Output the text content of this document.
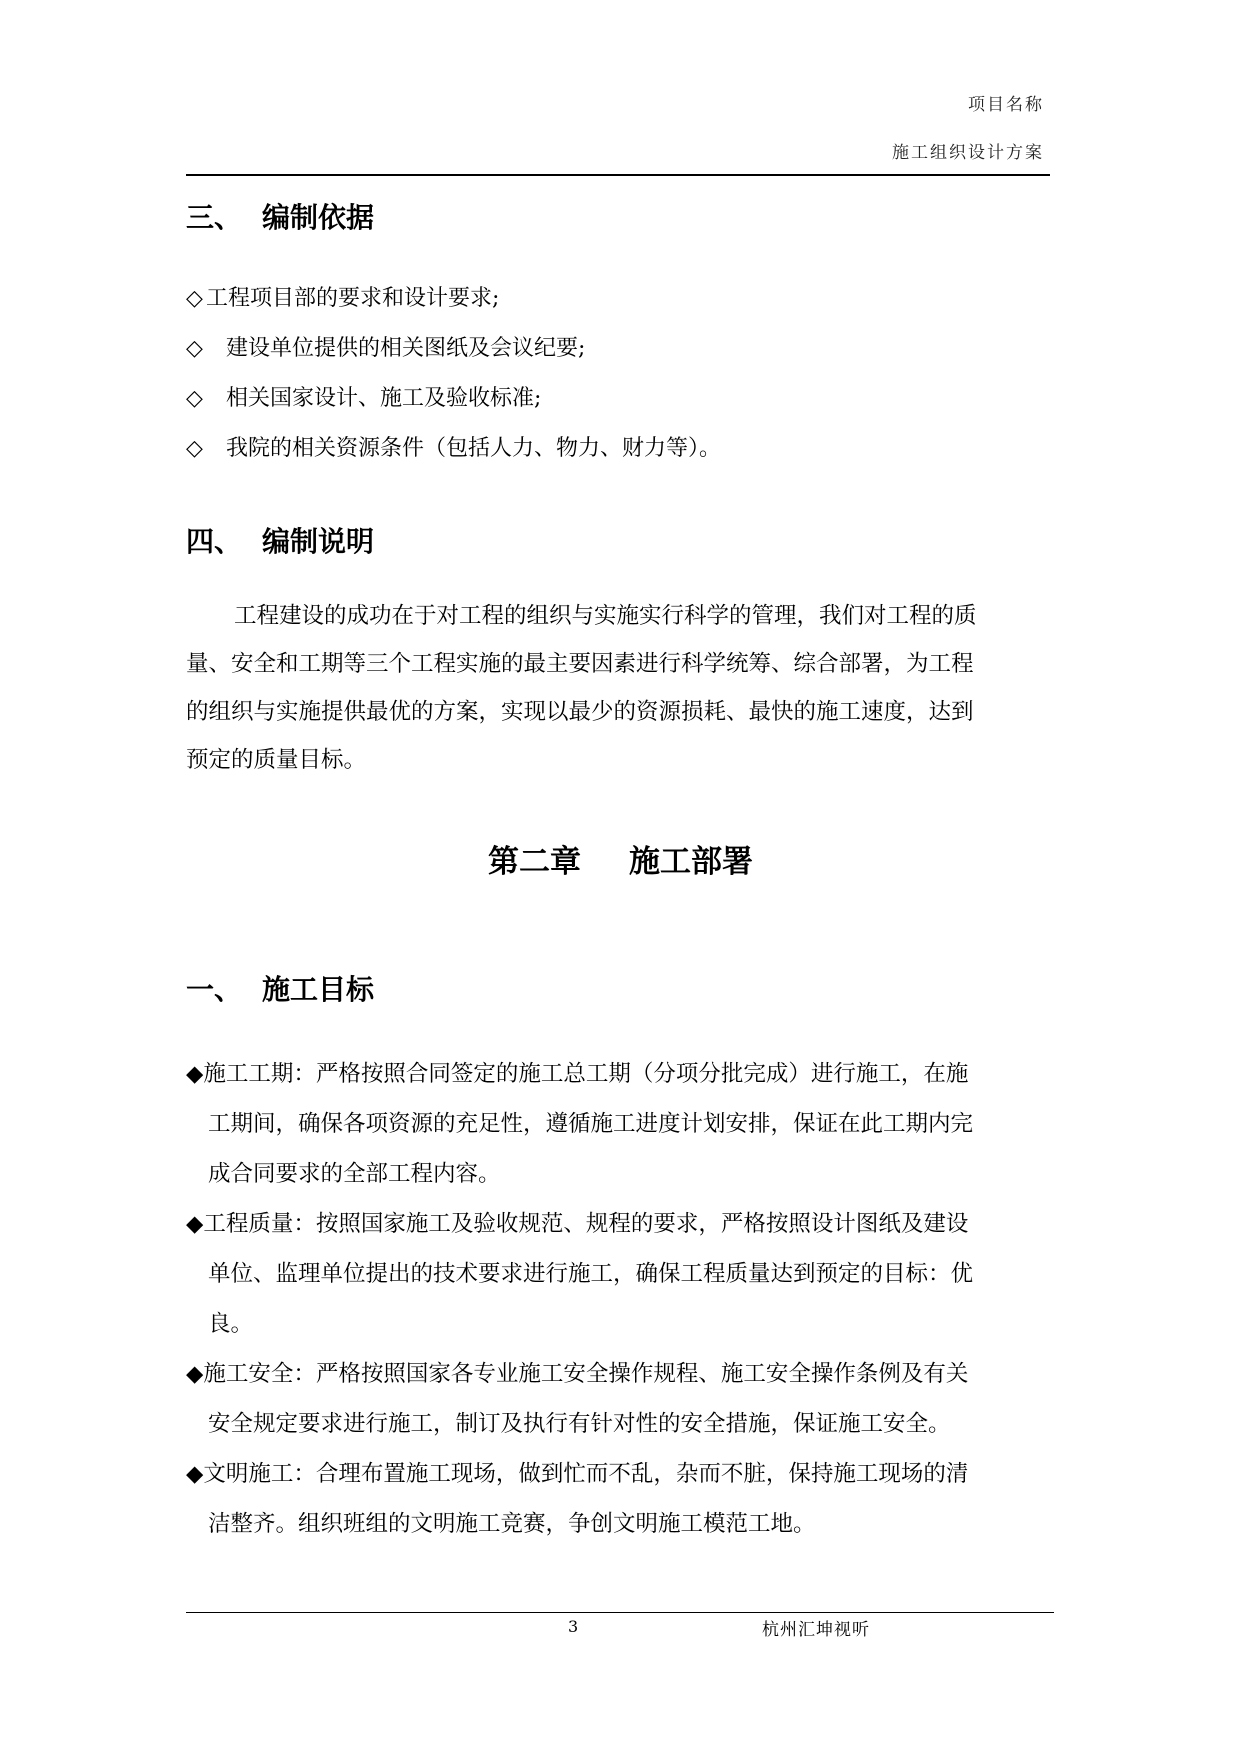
项目名称
施工组织设计方案
三、 编制依据
◇ 工程项目部的要求和设计要求;
◇ 建设单位提供的相关图纸及会议纪要;
◇ 相关国家设计、施工及验收标准;
◇ 我院的相关资源条件（包括人力、物力、财力等）。
四、 编制说明
工程建设的成功在于对工程的组织与实施实行科学的管理，我们对工程的质
量、安全和工期等三个工程实施的最主要因素进行科学统筹、综合部署，为工程
的组织与实施提供最优的方案，实现以最少的资源损耗、最快的施工速度，达到
预定的质量目标。
第二章 施工部署
一、 施工目标
◆施工工期：严格按照合同签定的施工总工期（分项分批完成）进行施工，在施
工期间，确保各项资源的充足性，遵循施工进度计划安排，保证在此工期内完
成合同要求的全部工程内容。
◆工程质量：按照国家施工及验收规范、规程的要求，严格按照设计图纸及建设
单位、监理单位提出的技术要求进行施工，确保工程质量达到预定的目标：优
良。
◆施工安全：严格按照国家各专业施工安全操作规程、施工安全操作条例及有关
安全规定要求进行施工，制订及执行有针对性的安全措施，保证施工安全。
◆文明施工：合理布置施工现场，做到忙而不乱，杂而不脏，保持施工现场的清
洁整齐。组织班组的文明施工竞赛，争创文明施工模范工地。
3	杭州汇坤视听
